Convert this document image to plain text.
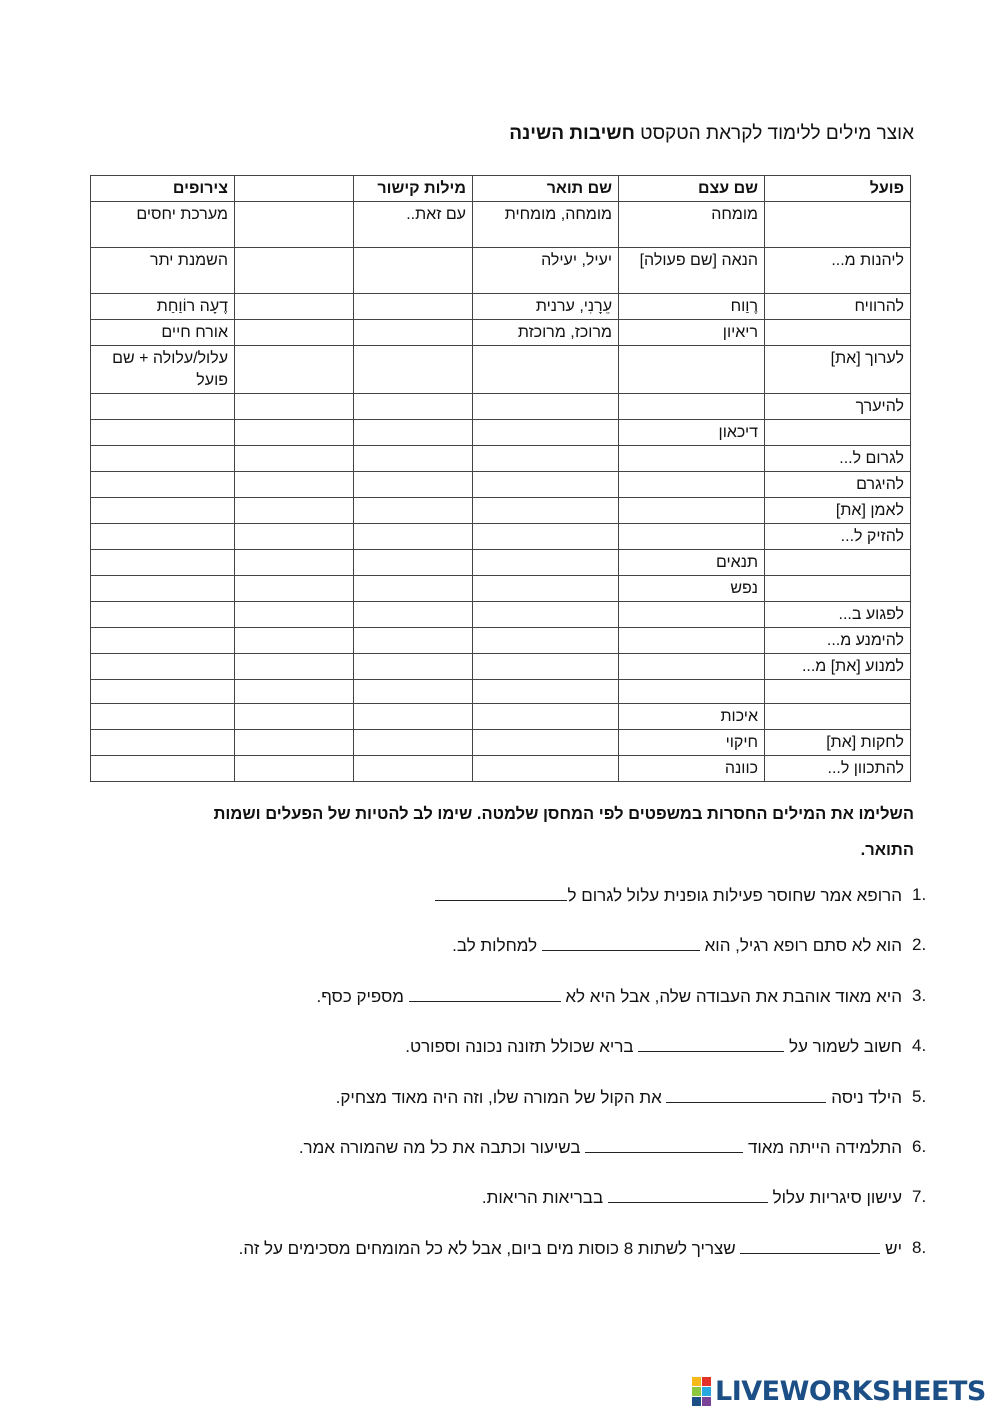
אוצר מילים ללימוד לקראת הטקסט חשיבות השינה
פועל	שם עצם	שם תואר	מילות קישור		צירופים
	מומחה	מומחה, מומחית	עם זאת..		מערכת יחסים
ליהנות מ...	הנאה [שם פעולה]	יעיל, יעילה			השמנת יתר
להרוויח	רֶוַוח	עֵרָנִי, ערנית			דֶעָה רוֹוַחַת
	ריאיון	מרוכז, מרוכזת			אורח חיים
לערוך [את]					עלול/עלולה + שם פועל
להיערך					
	דיכאון				
לגרום ל...					
להיגרם					
לאמן [את]					
להזיק ל...					
	תנאים				
	נפש				
לפגוע ב...					
להימנע מ...					
למנוע [את] מ...					

	איכות				
לחקות [את]	חיקוי				
להתכוון ל...	כוונה				
השלימו את המילים החסרות במשפטים לפי המחסן שלמטה. שימו לב להטיות של הפעלים ושמות התואר.
1.
הרופא אמר שחוסר פעילות גופנית עלול לגרום ל
2.
הוא לא סתם רופא רגיל, הוא  למחלות לב.
3.
היא מאוד אוהבת את העבודה שלה, אבל היא לא  מספיק כסף.
4.
חשוב לשמור על  בריא שכולל תזונה נכונה וספורט.
5.
הילד ניסה  את הקול של המורה שלו, וזה היה מאוד מצחיק.
6.
התלמידה הייתה מאוד  בשיעור וכתבה את כל מה שהמורה אמר.
7.
עישון סיגריות עלול  בבריאות הריאות.
8.
יש  שצריך לשתות 8 כוסות מים ביום, אבל לא כל המומחים מסכימים על זה.
LIVEWORKSHEETS
